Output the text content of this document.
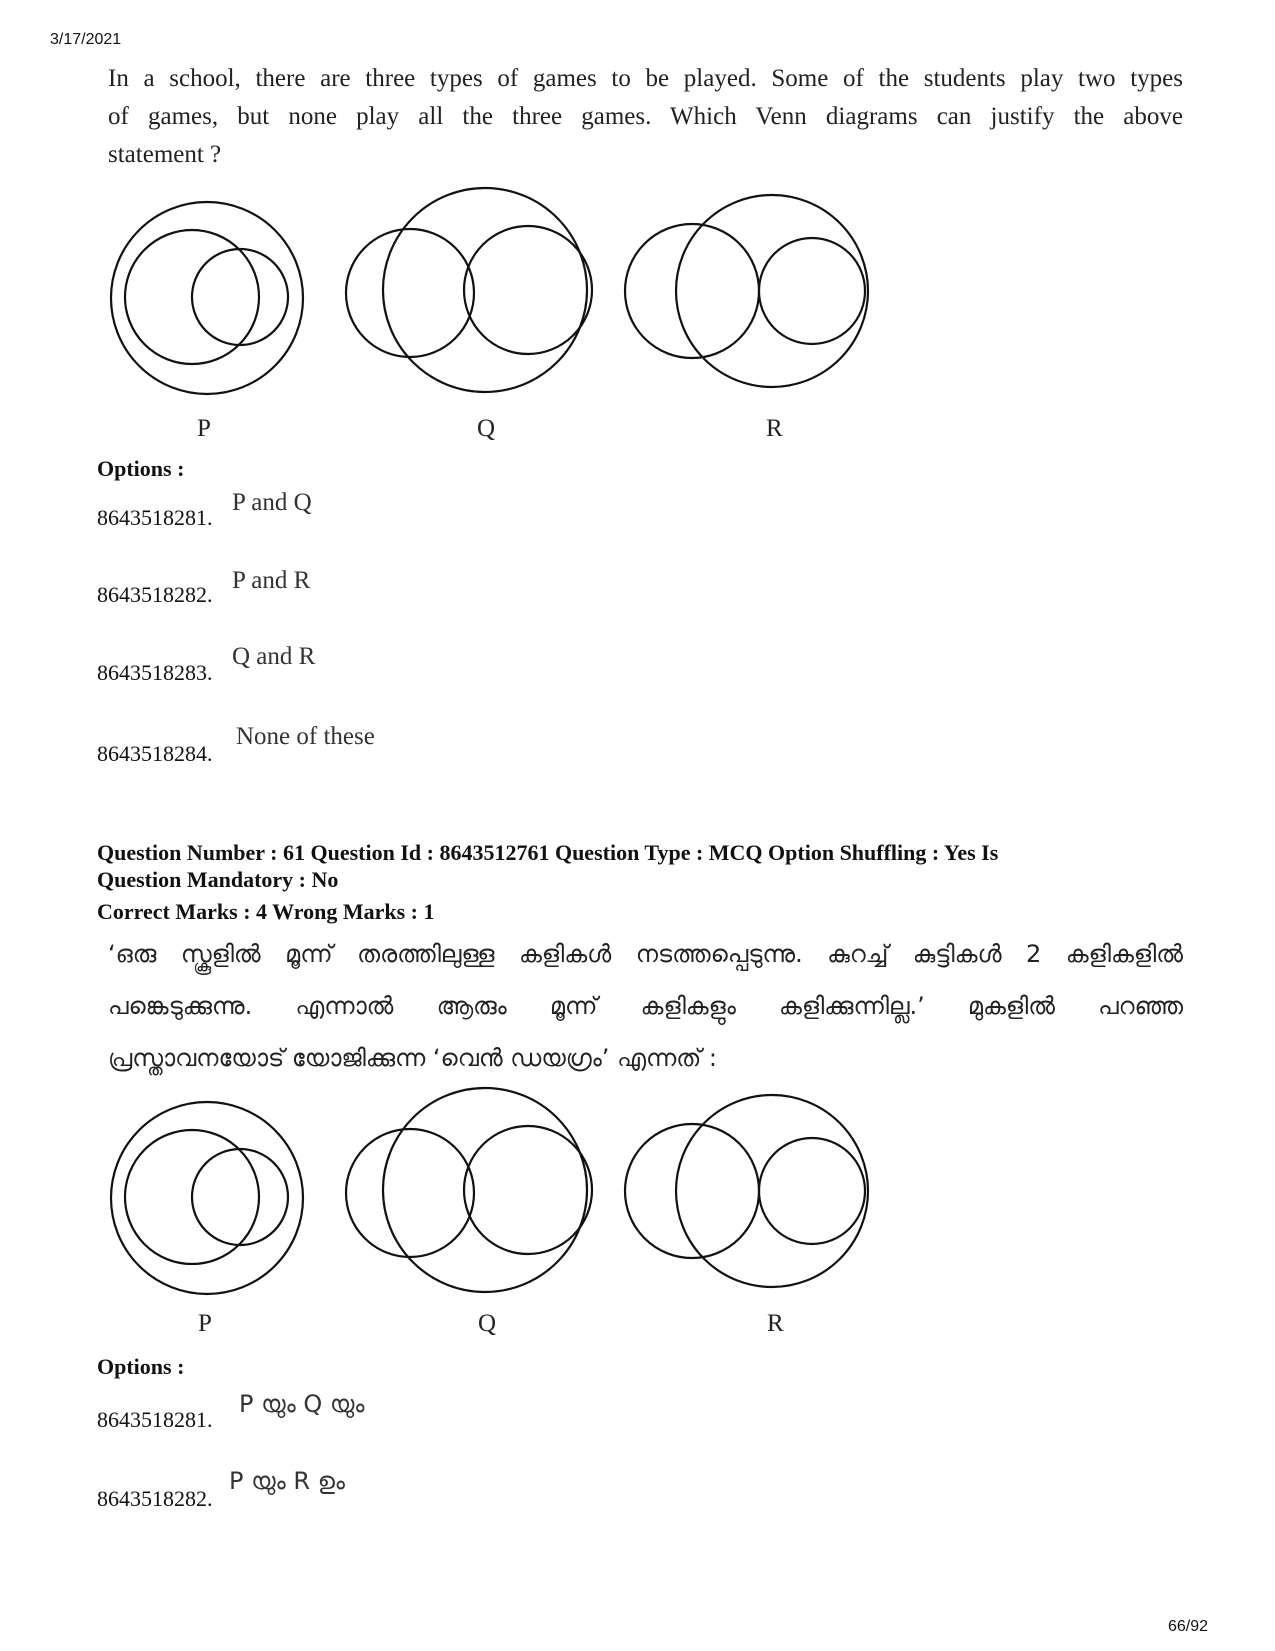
3/17/2021
66/92
In a school, there are three types of games to be played. Some of the students play two types
of games, but none play all the three games. Which Venn diagrams can justify the above
statement ?
P	Q	R
Options :
8643518281.
P and Q
8643518282.
P and R
8643518283.
Q and R
8643518284.
None of these
Question Number : 61 Question Id : 8643512761 Question Type : MCQ Option Shuffling : Yes Is
Question Mandatory : No
Correct Marks : 4 Wrong Marks : 1
‘ഒരു സ്കൂളിൽ മൂന്ന് തരത്തിലുള്ള കളികൾ നടത്തപ്പെടുന്നു. കുറച്ച് കുട്ടികൾ 2 കളികളിൽ
പങ്കെടുക്കുന്നു. എന്നാൽ ആരും മൂന്ന് കളികളും കളിക്കുന്നില്ല.’ മുകളിൽ പറഞ്ഞ
പ്രസ്താവനയോട് യോജിക്കുന്ന ‘വെൻ ഡയഗ്രം’ എന്നത് :
P	Q	R
Options :
8643518281.
P യും Q യും
8643518282.
P യും R ഉം
